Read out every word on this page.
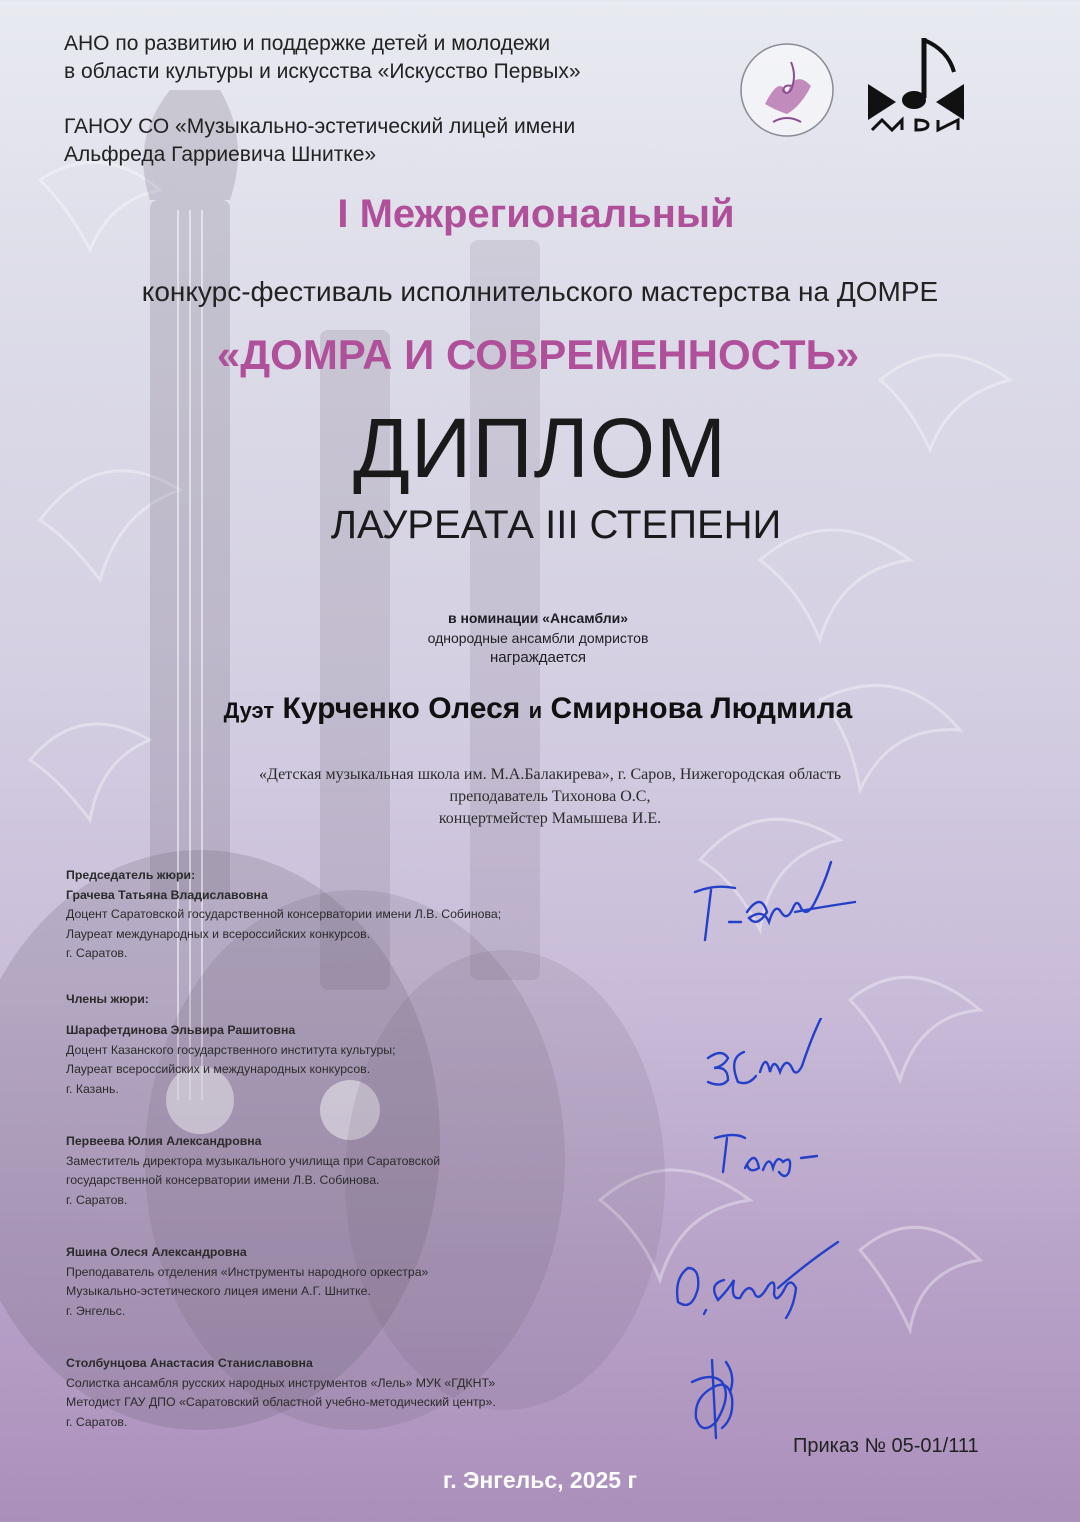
АНО по развитию и поддержке детей и молодежи
в области культуры и искусства «Искусство Первых»
ГАНОУ СО «Музыкально-эстетический лицей имени
Альфреда Гарриевича Шнитке»
I Межрегиональный
конкурс-фестиваль исполнительского мастерства на ДОМРЕ
«ДОМРА И СОВРЕМЕННОСТЬ»
ДИПЛОМ
ЛАУРЕАТА III СТЕПЕНИ
в номинации «Ансамбли»
однородные ансамбли домристов
награждается
Дуэт Курченко Олеся и Смирнова Людмила
«Детская музыкальная школа им. М.А.Балакирева», г. Саров, Нижегородская область
преподаватель Тихонова О.С,
концертмейстер Мамышева И.Е.
Председатель жюри:
Грачева Татьяна Владиславовна
Доцент Саратовской государственной консерватории имени Л.В. Собинова;
Лауреат международных и всероссийских конкурсов.
г. Саратов.
Члены жюри:
Шарафетдинова Эльвира Рашитовна
Доцент Казанского государственного института культуры;
Лауреат всероссийских и международных конкурсов.
г. Казань.
Первеева Юлия Александровна
Заместитель директора музыкального училища при Саратовской
государственной консерватории имени Л.В. Собинова.
г. Саратов.
Яшина Олеся Александровна
Преподаватель отделения «Инструменты народного оркестра»
Музыкально-эстетического лицея имени А.Г. Шнитке.
г. Энгельс.
Столбунцова Анастасия Станиславовна
Солистка ансамбля русских народных инструментов «Лель» МУК «ГДКНТ»
Методист ГАУ ДПО «Саратовский областной учебно-методический центр».
г. Саратов.
Приказ № 05-01/111
г. Энгельс, 2025 г
